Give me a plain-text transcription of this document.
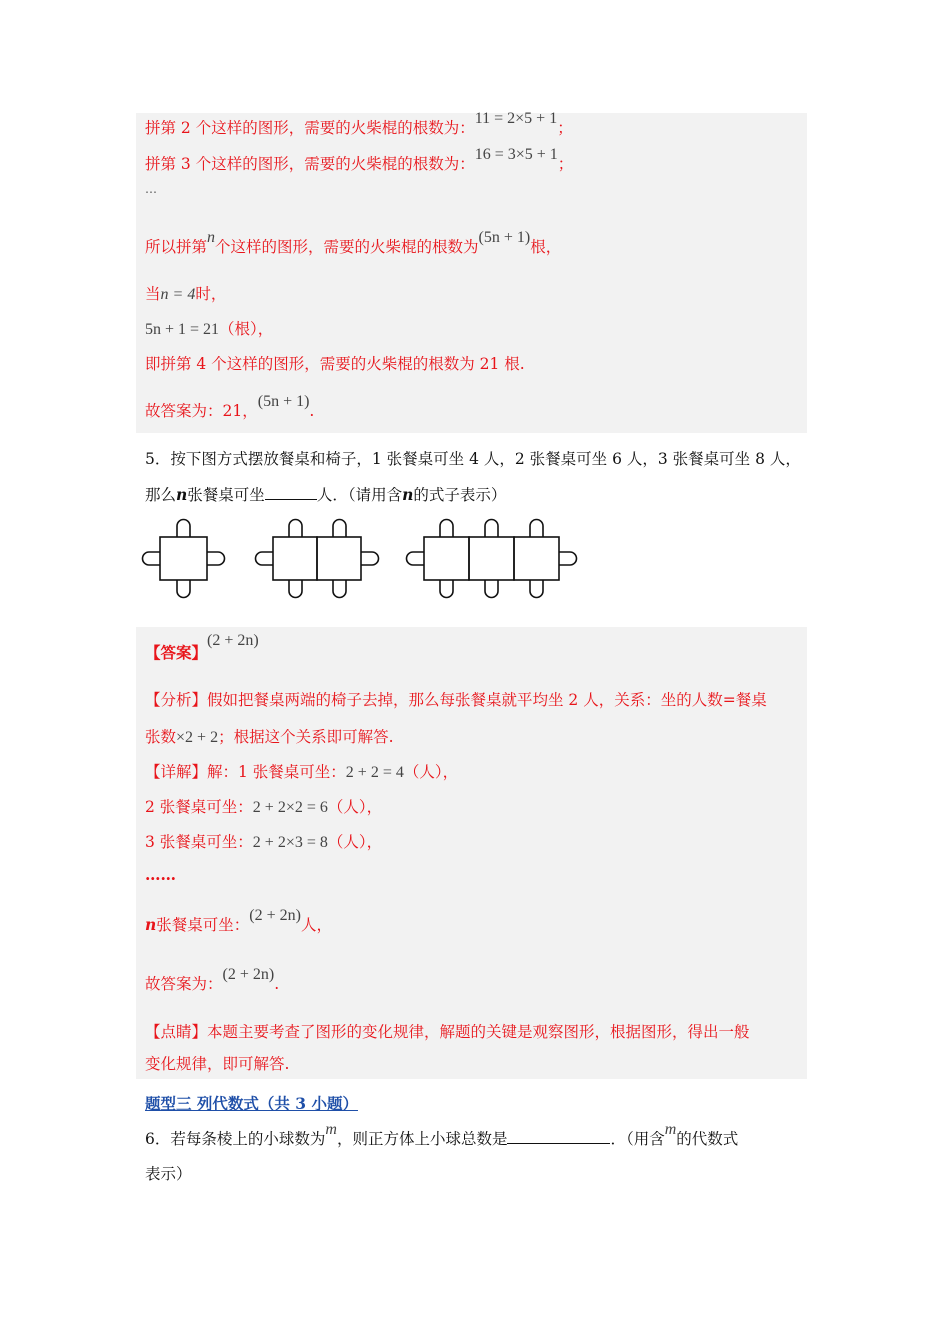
拼第 2 个这样的图形，需要的火柴棍的根数为：11 = 2×5 + 1；
拼第 3 个这样的图形，需要的火柴棍的根数为：16 = 3×5 + 1；
…
所以拼第n个这样的图形，需要的火柴棍的根数为(5n + 1)根，
当n = 4时，
5n + 1 = 21（根），
即拼第 4 个这样的图形，需要的火柴棍的根数为 21 根.
故答案为：21，(5n + 1).
5．按下图方式摆放餐桌和椅子，1 张餐桌可坐 4 人，2 张餐桌可坐 6 人，3 张餐桌可坐 8 人，
那么n张餐桌可坐	人．（请用含n的式子表示）
【答案】(2 + 2n)
【分析】假如把餐桌两端的椅子去掉，那么每张餐桌就平均坐 2 人，关系：坐的人数=餐桌
张数×2 + 2；根据这个关系即可解答.
【详解】解：1 张餐桌可坐：2 + 2 = 4（人），
2 张餐桌可坐：2 + 2×2 = 6（人），
3 张餐桌可坐：2 + 2×3 = 8（人），
……
n张餐桌可坐：(2 + 2n)人，
故答案为：(2 + 2n).
【点睛】本题主要考查了图形的变化规律，解题的关键是观察图形，根据图形，得出一般
变化规律，即可解答.
题型三 列代数式（共 3 小题）
6．若每条棱上的小球数为m，则正方体上小球总数是	．（用含m的代数式
表示）
